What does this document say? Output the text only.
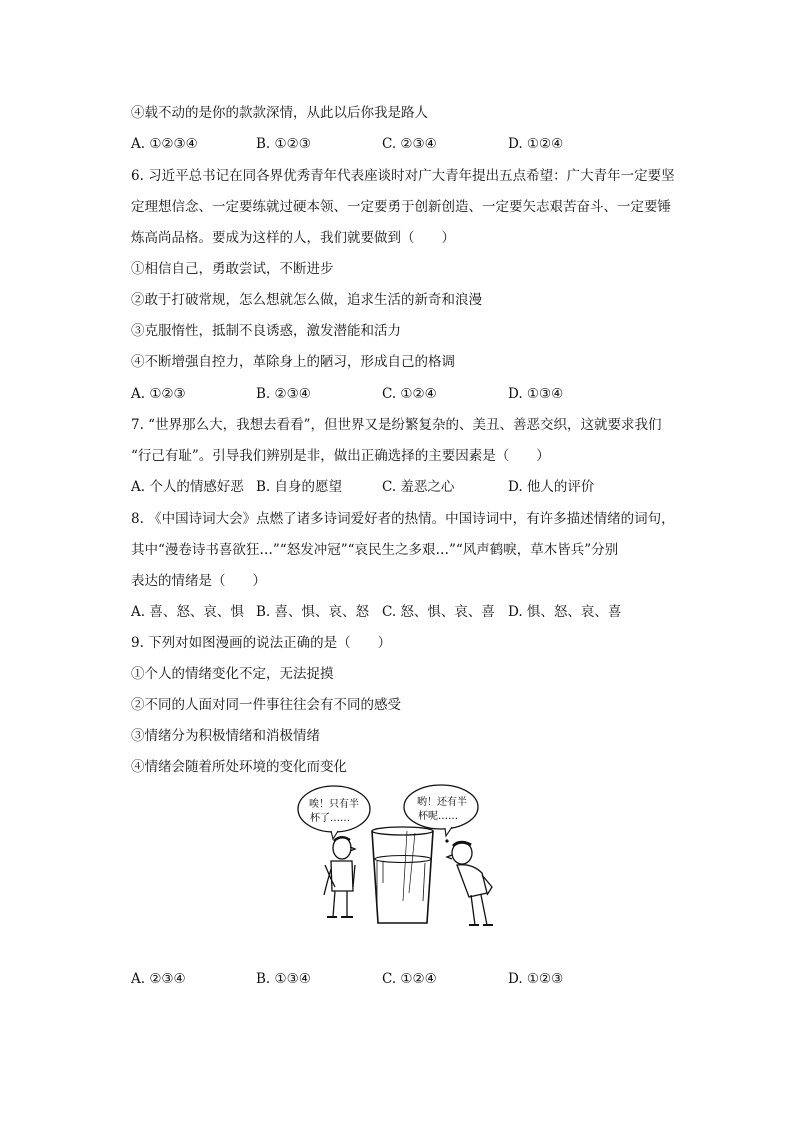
④载不动的是你的款款深情，从此以后你我是路人
A. ①②③④	B. ①②③	C. ②③④	D. ①②④
6. 习近平总书记在同各界优秀青年代表座谈时对广大青年提出五点希望：广大青年一定要坚
定理想信念、一定要练就过硬本领、一定要勇于创新创造、一定要矢志艰苦奋斗、一定要锤
炼高尚品格。要成为这样的人，我们就要做到（　　）
①相信自己，勇敢尝试，不断进步
②敢于打破常规，怎么想就怎么做，追求生活的新奇和浪漫
③克服惰性，抵制不良诱惑，激发潜能和活力
④不断增强自控力，革除身上的陋习，形成自己的格调
A. ①②③	B. ②③④	C. ①②④	D. ①③④
7. “世界那么大，我想去看看”，但世界又是纷繁复杂的、美丑、善恶交织，这就要求我们
“行己有耻”。引导我们辨别是非，做出正确选择的主要因素是（　　）
A. 个人的情感好恶 B. 自身的愿望	C. 羞恶之心	D. 他人的评价
8. 《中国诗词大会》点燃了诸多诗词爱好者的热情。中国诗词中，有许多描述情绪的词句，
其中“漫卷诗书喜欲狂…”“怒发冲冠”“哀民生之多艰…”“风声鹤唳，草木皆兵”分别
表达的情绪是（　　）
A. 喜、怒、哀、惧 B. 喜、惧、哀、怒 C. 怒、惧、哀、喜 D. 惧、怒、哀、喜
9. 下列对如图漫画的说法正确的是（　　）
①个人的情绪变化不定，无法捉摸
②不同的人面对同一件事往往会有不同的感受
③情绪分为积极情绪和消极情绪
④情绪会随着所处环境的变化而变化
唉！只有半
杯了……
哟！还有半
杯呢……
A. ②③④	B. ①③④	C. ①②④	D. ①②③
